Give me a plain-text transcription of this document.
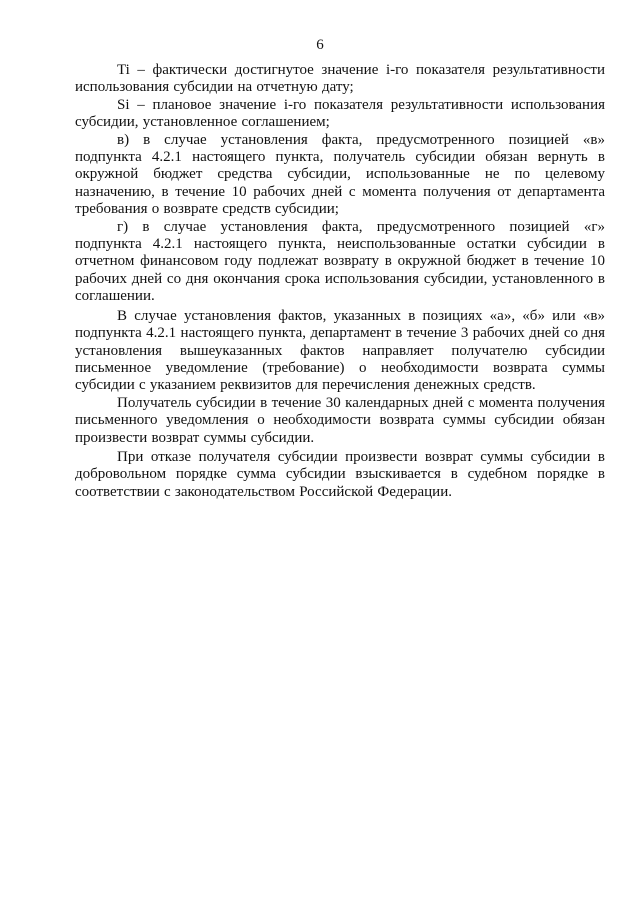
6

Ti – фактически достигнутое значение i-го показателя результативности использования субсидии на отчетную дату;

Si – плановое значение i-го показателя результативности использования субсидии, установленное соглашением;

в) в случае установления факта, предусмотренного позицией «в» подпункта 4.2.1 настоящего пункта, получатель субсидии обязан вернуть в окружной бюджет средства субсидии, использованные не по целевому назначению, в течение 10 рабочих дней с момента получения от департамента требования о возврате средств субсидии;

г) в случае установления факта, предусмотренного позицией «г» подпункта 4.2.1 настоящего пункта, неиспользованные остатки субсидии в отчетном финансовом году подлежат возврату в окружной бюджет в течение 10 рабочих дней со дня окончания срока использования субсидии, установленного в соглашении.

В случае установления фактов, указанных в позициях «а», «б» или «в» подпункта 4.2.1 настоящего пункта, департамент в течение 3 рабочих дней со дня установления вышеуказанных фактов направляет получателю субсидии письменное уведомление (требование) о необходимости возврата суммы субсидии с указанием реквизитов для перечисления денежных средств.

Получатель субсидии в течение 30 календарных дней с момента получения письменного уведомления о необходимости возврата суммы субсидии обязан произвести возврат суммы субсидии.

При отказе получателя субсидии произвести возврат суммы субсидии в добровольном порядке сумма субсидии взыскивается в судебном порядке в соответствии с законодательством Российской Федерации.
